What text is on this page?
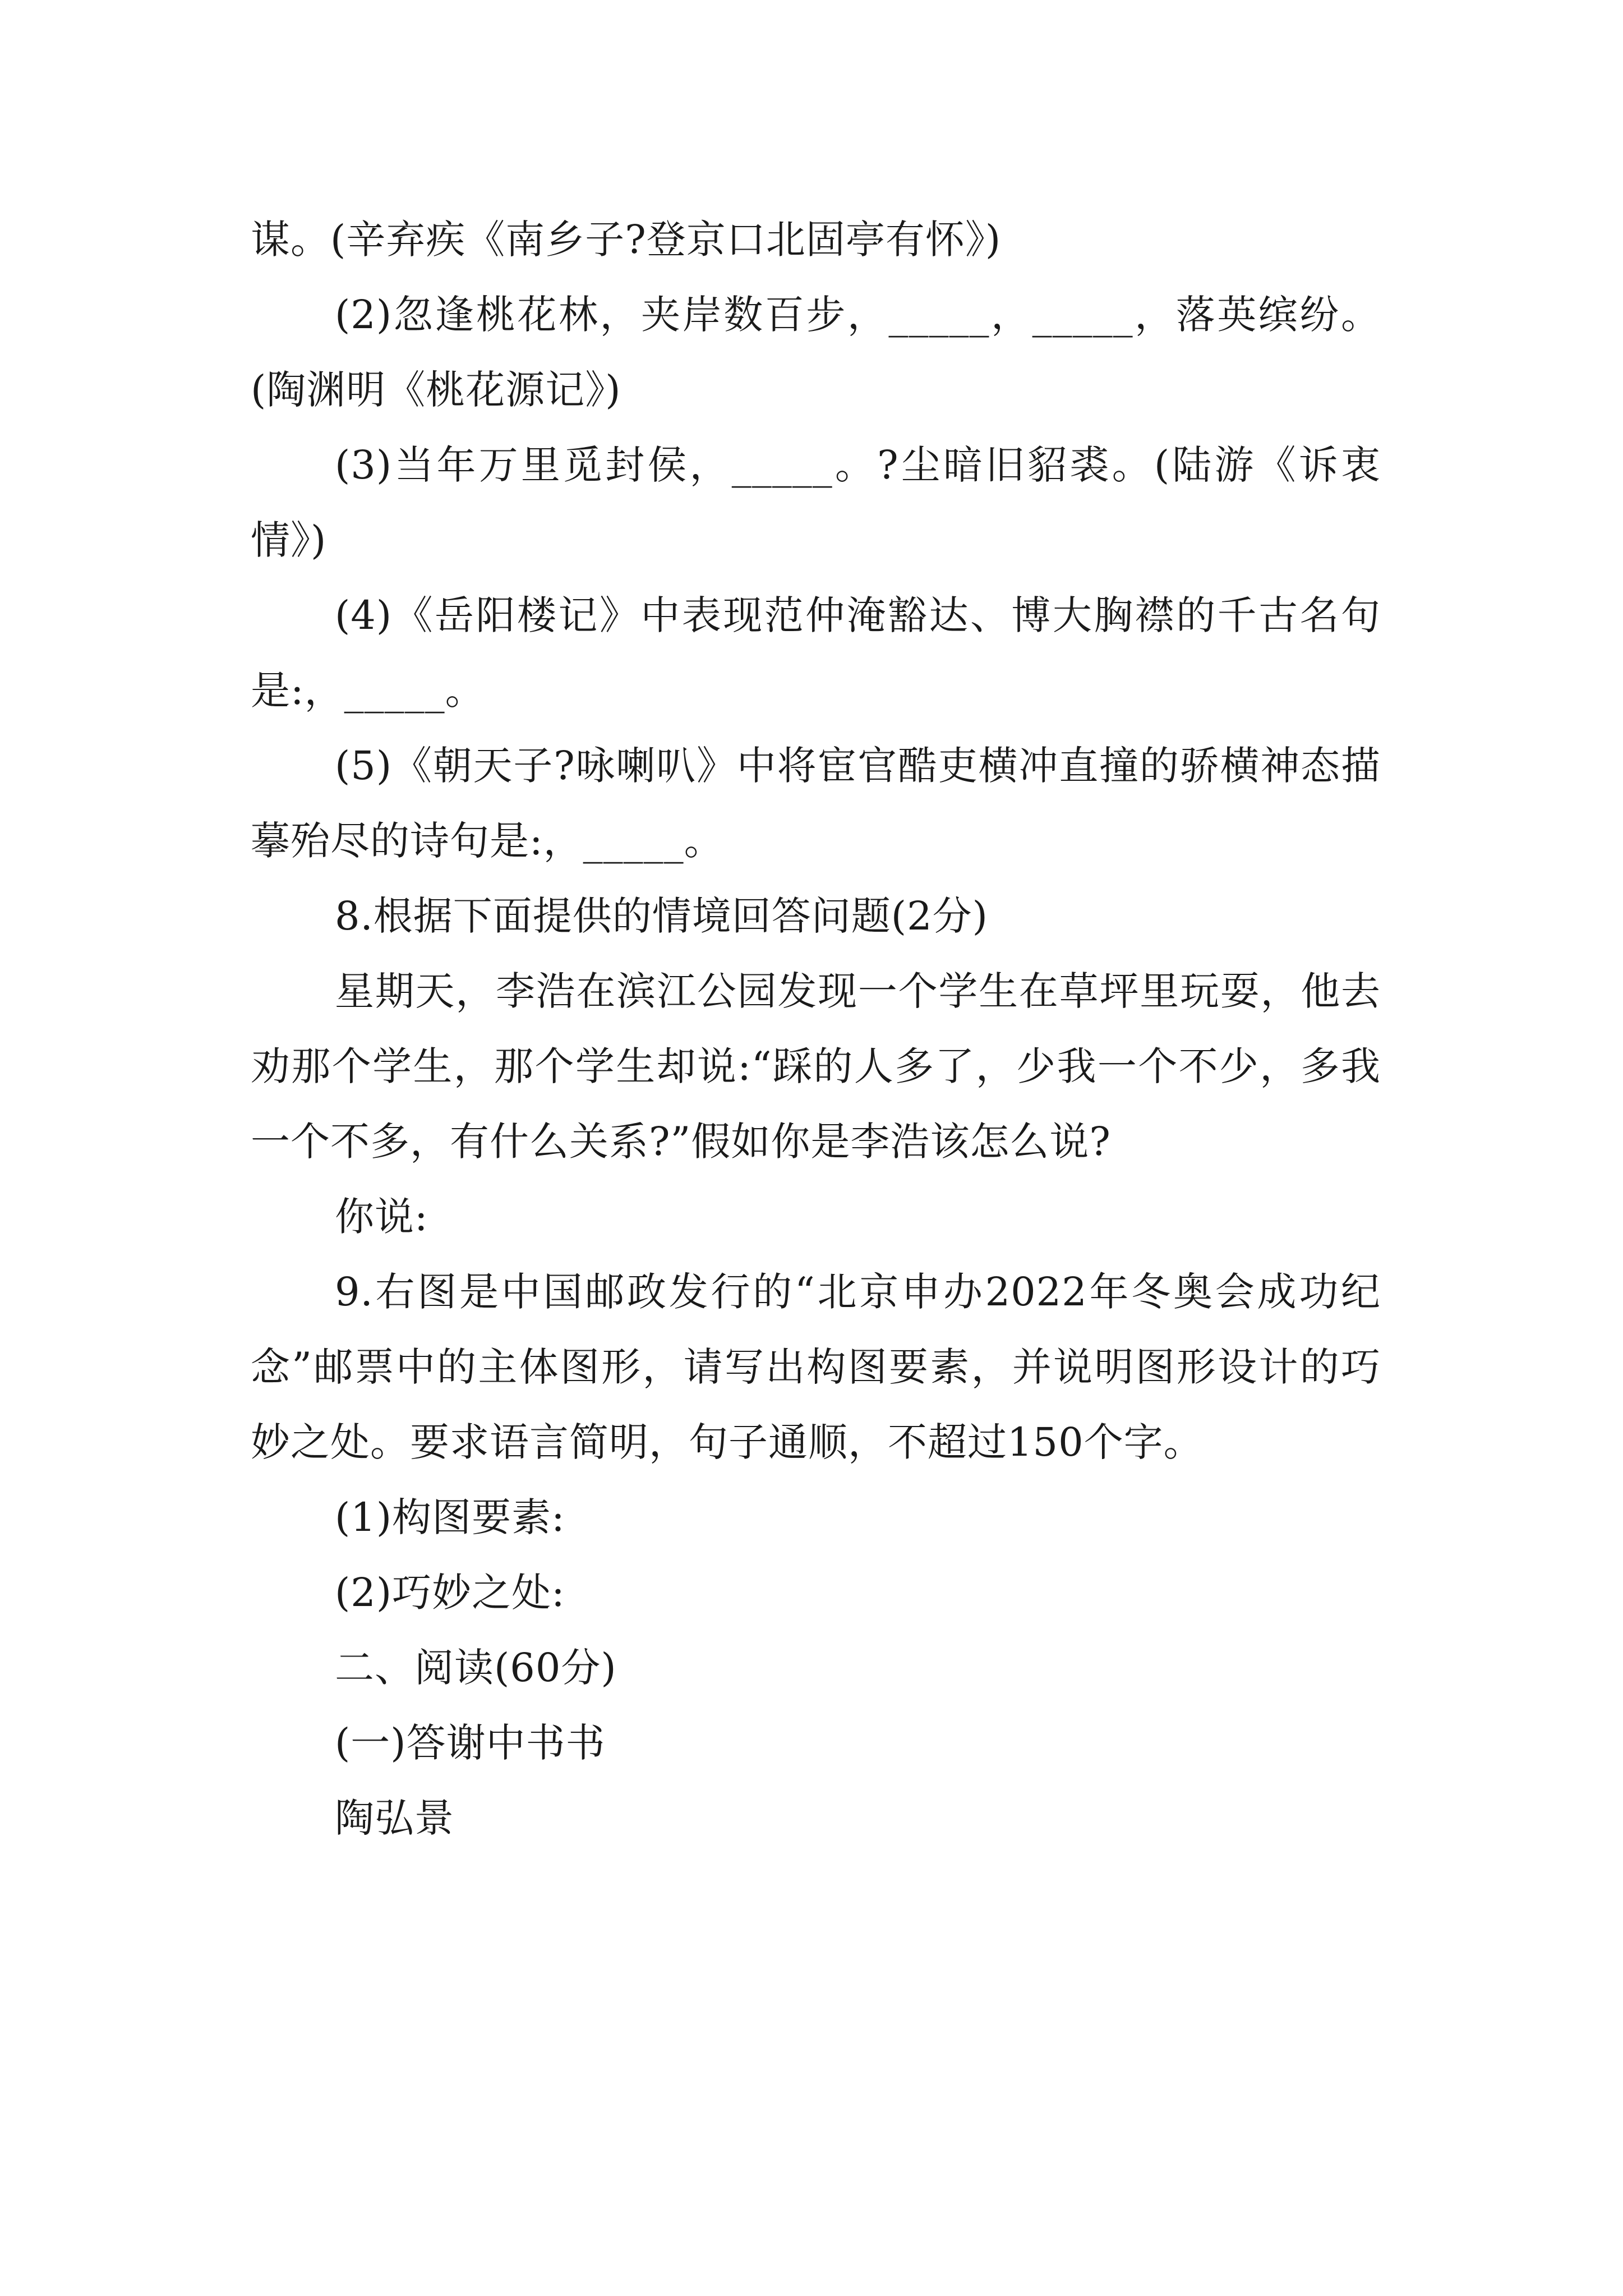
谋。(辛弃疾《南乡子?登京口北固亭有怀》)

(2)忽逢桃花林，夹岸数百步，_____，_____，落英缤纷。(陶渊明《桃花源记》)

(3)当年万里觅封侯，_____。?尘暗旧貂裘。(陆游《诉衷情》)

(4)《岳阳楼记》中表现范仲淹豁达、博大胸襟的千古名句是:，_____。

(5)《朝天子?咏喇叭》中将宦官酷吏横冲直撞的骄横神态描摹殆尽的诗句是:，_____。

8.根据下面提供的情境回答问题(2分)

星期天，李浩在滨江公园发现一个学生在草坪里玩耍，他去劝那个学生，那个学生却说:“踩的人多了，少我一个不少，多我一个不多，有什么关系?”假如你是李浩该怎么说?

你说:

9.右图是中国邮政发行的“北京申办2022年冬奥会成功纪念”邮票中的主体图形，请写出构图要素，并说明图形设计的巧妙之处。要求语言简明，句子通顺，不超过150个字。

(1)构图要素:

(2)巧妙之处:

二、阅读(60分)

(一)答谢中书书

陶弘景
